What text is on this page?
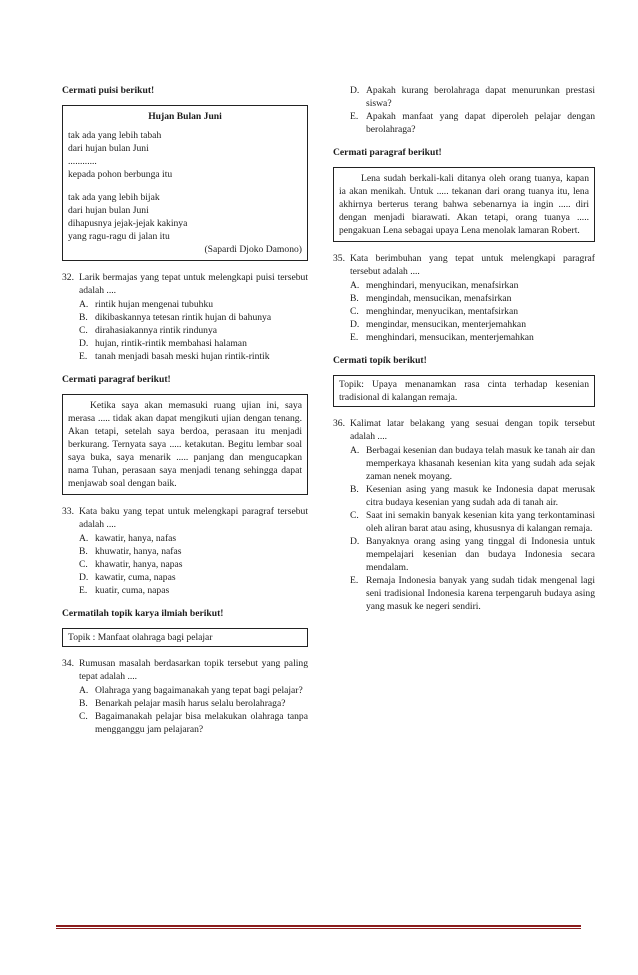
Cermati puisi berikut!
Hujan Bulan Juni
tak ada yang lebih tabah
dari hujan bulan Juni
............
kepada pohon berbunga itu
tak ada yang lebih bijak
dari hujan bulan Juni
dihapusnya jejak-jejak kakinya
yang ragu-ragu di jalan itu
(Sapardi Djoko Damono)
32. Larik bermajas yang tepat untuk melengkapi puisi tersebut adalah ....
A. rintik hujan mengenai tubuhku
B. dikibaskannya tetesan rintik hujan di bahunya
C. dirahasiakannya rintik rindunya
D. hujan, rintik-rintik membahasi halaman
E. tanah menjadi basah meski hujan rintik-rintik
Cermati paragraf berikut!
Ketika saya akan memasuki ruang ujian ini, saya merasa ..... tidak akan dapat mengikuti ujian dengan tenang. Akan tetapi, setelah saya berdoa, perasaan itu menjadi berkurang. Ternyata saya ..... ketakutan. Begitu lembar soal saya buka, saya menarik ..... panjang dan mengucapkan nama Tuhan, perasaan saya menjadi tenang sehingga dapat menjawab soal dengan baik.
33. Kata baku yang tepat untuk melengkapi paragraf tersebut adalah ....
A. kawatir, hanya, nafas
B. khuwatir, hanya, nafas
C. khawatir, hanya, napas
D. kawatir, cuma, napas
E. kuatir, cuma, napas
Cermatilah topik karya ilmiah berikut!
Topik : Manfaat olahraga bagi pelajar
34. Rumusan masalah berdasarkan topik tersebut yang paling tepat adalah ....
A. Olahraga yang bagaimanakah yang tepat bagi pelajar?
B. Benarkah pelajar masih harus selalu berolahraga?
C. Bagaimanakah pelajar bisa melakukan olahraga tanpa mengganggu jam pelajaran?
D. Apakah kurang berolahraga dapat menurunkan prestasi siswa?
E. Apakah manfaat yang dapat diperoleh pelajar dengan berolahraga?
Cermati paragraf berikut!
Lena sudah berkali-kali ditanya oleh orang tuanya, kapan ia akan menikah. Untuk ..... tekanan dari orang tuanya itu, lena akhirnya berterus terang bahwa sebenarnya ia ingin ..... diri dengan menjadi biarawati. Akan tetapi, orang tuanya ..... pengakuan Lena sebagai upaya Lena menolak lamaran Robert.
35. Kata berimbuhan yang tepat untuk melengkapi paragraf tersebut adalah ....
A. menghindari, menyucikan, menafsirkan
B. mengindah, mensucikan, menafsirkan
C. menghindar, menyucikan, mentafsirkan
D. mengindar, mensucikan, menterjemahkan
E. menghindari, mensucikan, menterjemahkan
Cermati topik berikut!
Topik: Upaya menanamkan rasa cinta terhadap kesenian tradisional di kalangan remaja.
36. Kalimat latar belakang yang sesuai dengan topik tersebut adalah ....
A. Berbagai kesenian dan budaya telah masuk ke tanah air dan memperkaya khasanah kesenian kita yang sudah ada sejak zaman nenek moyang.
B. Kesenian asing yang masuk ke Indonesia dapat merusak citra budaya kesenian yang sudah ada di tanah air.
C. Saat ini semakin banyak kesenian kita yang terkontaminasi oleh aliran barat atau asing, khususnya di kalangan remaja.
D. Banyaknya orang asing yang tinggal di Indonesia untuk mempelajari kesenian dan budaya Indonesia secara mendalam.
E. Remaja Indonesia banyak yang sudah tidak mengenal lagi seni tradisional Indonesia karena terpengaruh budaya asing yang masuk ke negeri sendiri.
